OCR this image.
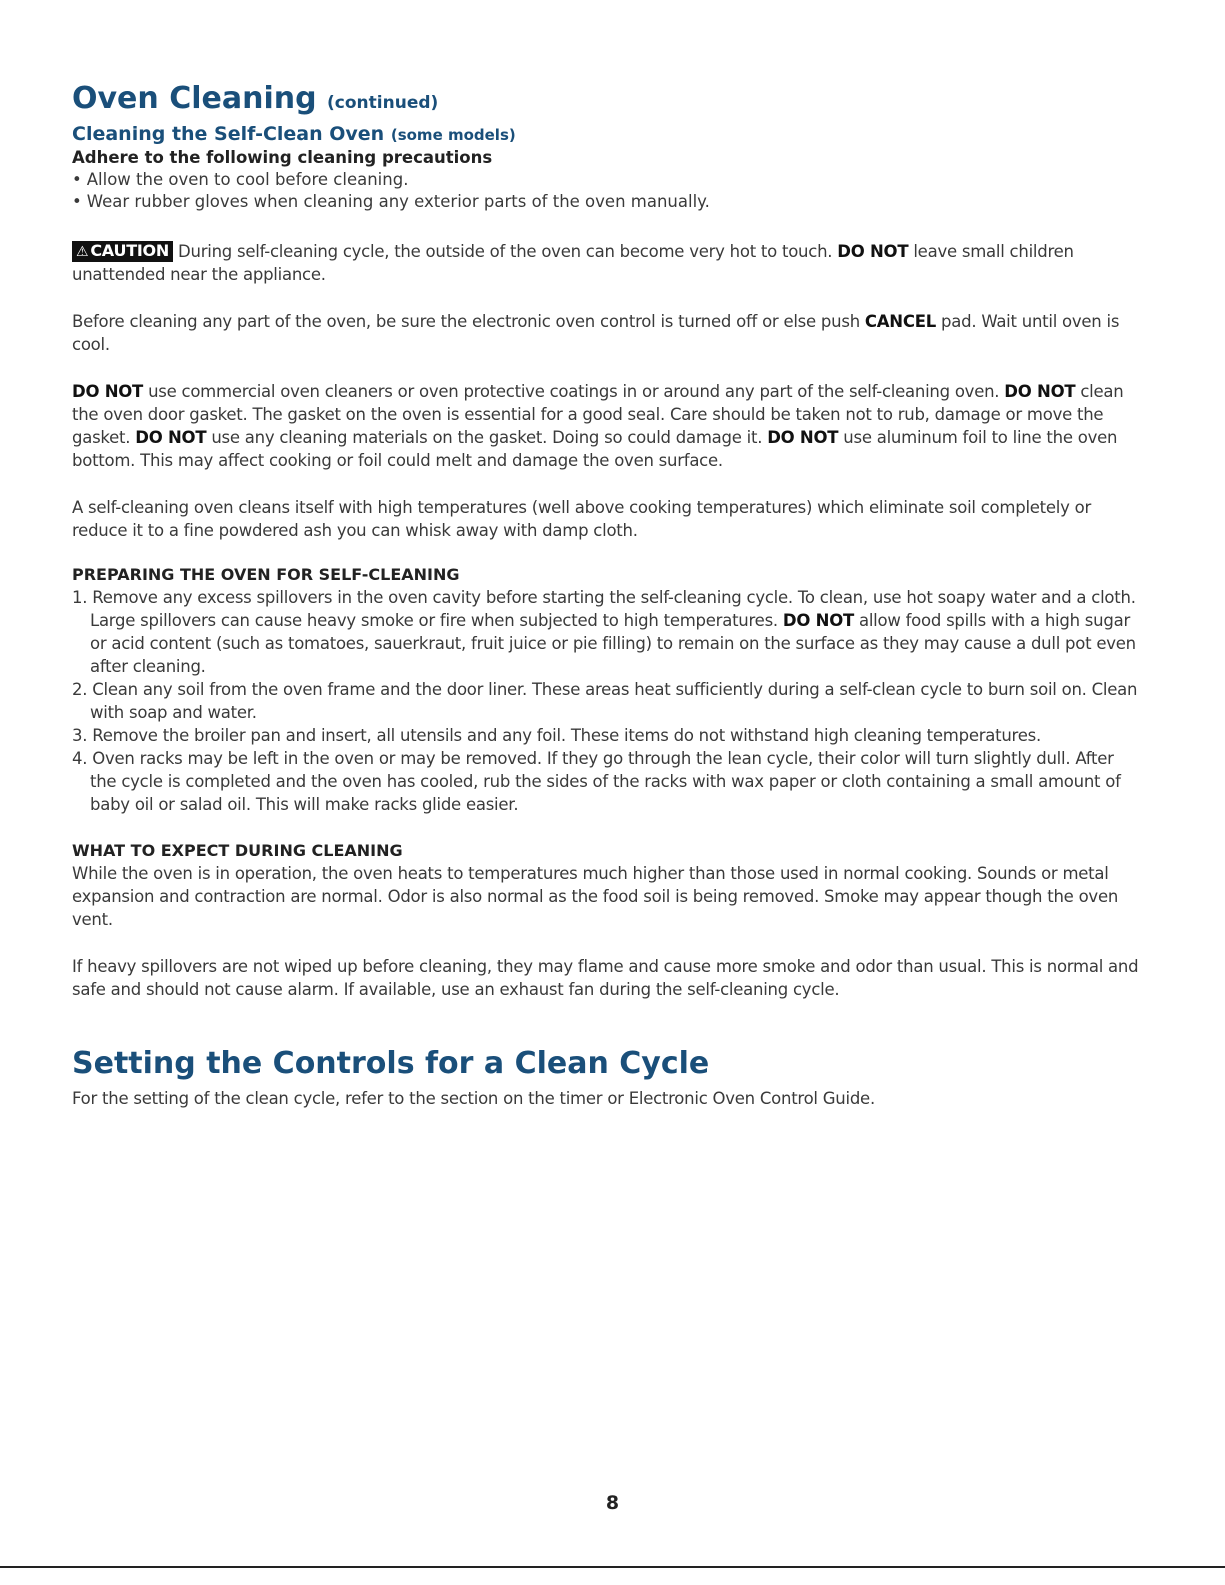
Oven Cleaning (continued)
Cleaning the Self-Clean Oven (some models)
Adhere to the following cleaning precautions
• Allow the oven to cool before cleaning.
• Wear rubber gloves when cleaning any exterior parts of the oven manually.

⚠ CAUTION During self-cleaning cycle, the outside of the oven can become very hot to touch. DO NOT leave small children unattended near the appliance.

Before cleaning any part of the oven, be sure the electronic oven control is turned off or else push CANCEL pad. Wait until oven is cool.

DO NOT use commercial oven cleaners or oven protective coatings in or around any part of the self-cleaning oven. DO NOT clean the oven door gasket. The gasket on the oven is essential for a good seal. Care should be taken not to rub, damage or move the gasket. DO NOT use any cleaning materials on the gasket. Doing so could damage it. DO NOT use aluminum foil to line the oven bottom. This may affect cooking or foil could melt and damage the oven surface.

A self-cleaning oven cleans itself with high temperatures (well above cooking temperatures) which eliminate soil completely or reduce it to a fine powdered ash you can whisk away with damp cloth.

PREPARING THE OVEN FOR SELF-CLEANING
1. Remove any excess spillovers in the oven cavity before starting the self-cleaning cycle. To clean, use hot soapy water and a cloth. Large spillovers can cause heavy smoke or fire when subjected to high temperatures. DO NOT allow food spills with a high sugar or acid content (such as tomatoes, sauerkraut, fruit juice or pie filling) to remain on the surface as they may cause a dull pot even after cleaning.
2. Clean any soil from the oven frame and the door liner. These areas heat sufficiently during a self-clean cycle to burn soil on. Clean with soap and water.
3. Remove the broiler pan and insert, all utensils and any foil. These items do not withstand high cleaning temperatures.
4. Oven racks may be left in the oven or may be removed. If they go through the lean cycle, their color will turn slightly dull. After the cycle is completed and the oven has cooled, rub the sides of the racks with wax paper or cloth containing a small amount of baby oil or salad oil. This will make racks glide easier.
WHAT TO EXPECT DURING CLEANING

While the oven is in operation, the oven heats to temperatures much higher than those used in normal cooking. Sounds or metal expansion and contraction are normal. Odor is also normal as the food soil is being removed. Smoke may appear though the oven vent.

If heavy spillovers are not wiped up before cleaning, they may flame and cause more smoke and odor than usual. This is normal and safe and should not cause alarm. If available, use an exhaust fan during the self-cleaning cycle.

Setting the Controls for a Clean Cycle

For the setting of the clean cycle, refer to the section on the timer or Electronic Oven Control Guide.

8
